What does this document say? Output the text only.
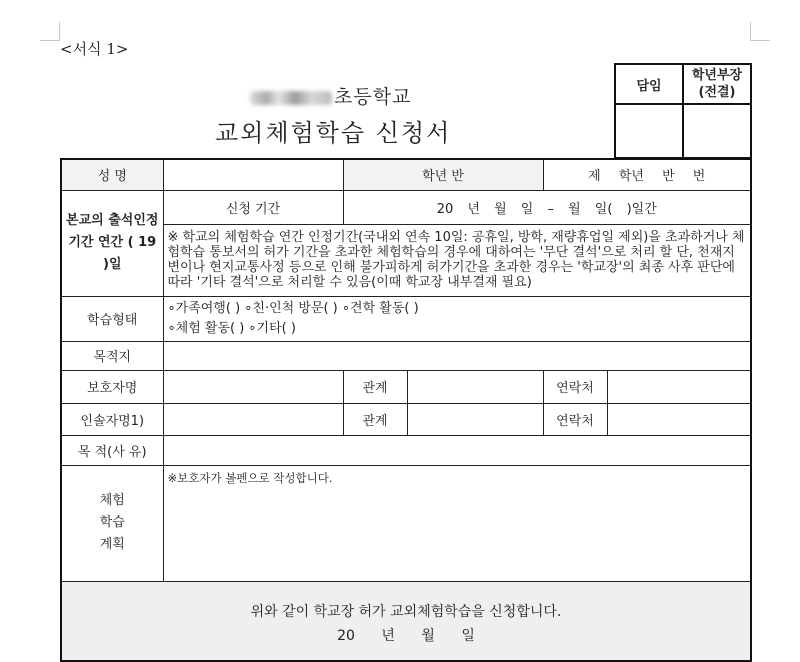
<서식 1>
초등학교
교외체험학습 신청서
담임	학년부장
(전결)

성 명		학년 반		제 학년 반 번	
본교의 출석인정 기간 연간 ( 19 )일	신청 기간	20 년 월 일 – 월 일( )일간			
	※ 학교의 체험학습 연간 인정기간(국내외 연속 10일: 공휴일, 방학, 재량휴업일 제외)을 초과하거나 체험학습 통보서의 허가 기간을 초과한 체험학습의 경우에 대하여는 '무단 결석'으로 처리 할 단, 천재지변이나 현지교통사정 등으로 인해 불가피하게 허가기간을 초과한 경우는 '학교장'의 최종 사후 판단에 따라 '기타 결석'으로 처리할 수 있음(이때 학교장 내부결재 필요)				
학습형태	∘가족여행( ) ∘친·인척 방문( ) ∘견학 활동( )
∘체험 활동( ) ∘기타( )				

목적지					
보호자명		관계		연락처	
인솔자명1)		관계		연락처	
목 적(사 유)					

체험
학습
계획	※보호자가 볼펜으로 작성합니다.				

위와 같이 학교장 허가 교외체험학습을 신청합니다.
20 년 월 일					
